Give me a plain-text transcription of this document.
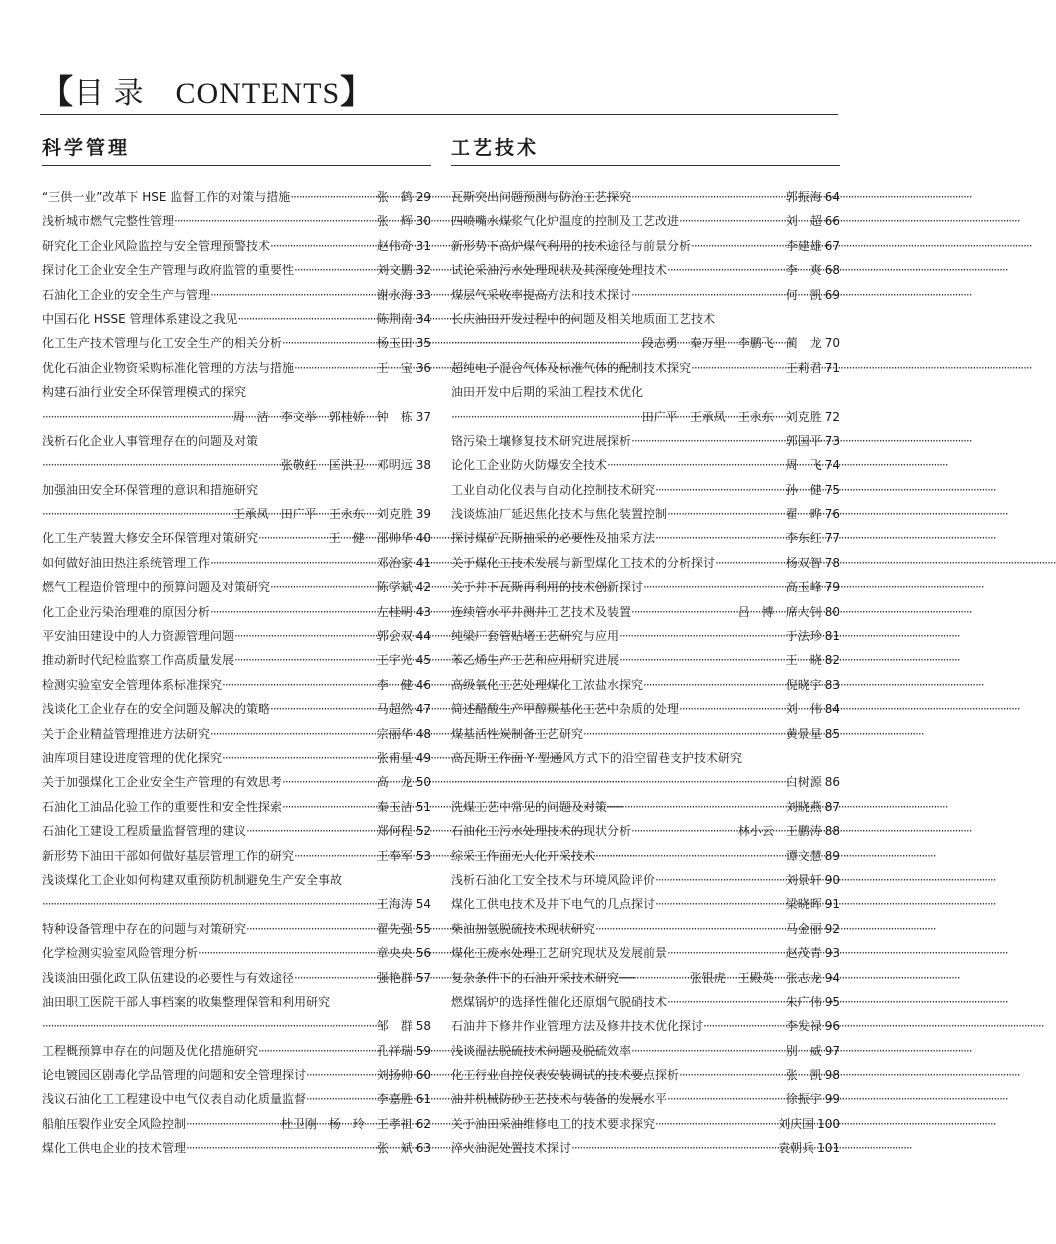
【目 录　 CONTENTS】
科学管理
“三供一业”改革下 HSE 监督工作的对策与措施 ·····	张　鹤 29
浅析城市燃气完整性管理 ·····	张　辉 30
研究化工企业风险监控与安全管理预警技术 ·····	赵伟奇 31
探讨化工企业安全生产管理与政府监管的重要性 ·····	刘文鹏 32
石油化工企业的安全生产与管理 ·····	谢永海 33
中国石化 HSSE 管理体系建设之我见 ·····	陈荆南 34
化工生产技术管理与化工安全生产的相关分析 ·····	杨玉田 35
优化石油企业物资采购标准化管理的方法与措施 ·····	王　宝 36
构建石油行业安全环保管理模式的探究
·····
周　洁　李文举　郭桂娇　钟　栋 37
浅析石化企业人事管理存在的问题及对策
·····
张敬红　匡洪卫　邓明远 38
加强油田安全环保管理的意识和措施研究
·····
王承凤　田广平　王永东　刘克胜 39
化工生产装置大修安全环保管理对策研究 ·····	王　健　邵帅华 40
如何做好油田热注系统管理工作 ·····	邓治家 41
燃气工程造价管理中的预算问题及对策研究 ·····	陈学斌 42
化工企业污染治理难的原因分析 ·····	左桂明 43
平安油田建设中的人力资源管理问题 ·····	郭会双 44
推动新时代纪检监察工作高质量发展 ·····	王宇光 45
检测实验室安全管理体系标准探究 ·····	李　健 46
浅谈化工企业存在的安全问题及解决的策略 ·····	马超然 47
关于企业精益管理推进方法研究 ·····	宗丽华 48
油库项目建设进度管理的优化探究 ·····	张甫星 49
关于加强煤化工企业安全生产管理的有效思考 ·····	高　龙 50
石油化工油品化验工作的重要性和安全性探索 ·····	秦玉洁 51
石油化工建设工程质量监督管理的建议 ·····	郑何程 52
新形势下油田干部如何做好基层管理工作的研究 ·····	王奉军 53
浅谈煤化工企业如何构建双重预防机制避免生产安全事故
·····
王海涛 54
特种设备管理中存在的问题与对策研究 ·····	翟先强 55
化学检测实验室风险管理分析 ·····	章央央 56
浅谈油田强化政工队伍建设的必要性与有效途径 ·····	强艳群 57
油田职工医院干部人事档案的收集整理保管和利用研究
·····
邹　群 58
工程概预算申存在的问题及优化措施研究 ·····	孔祥瑞 59
论电镀园区剧毒化学品管理的问题和安全管理探讨 ·····	刘扬帅 60
浅议石油化工工程建设中电气仪表自动化质量监督 ·····	李嘉胜 61
船舶压裂作业安全风险控制 ·····	杜卫刚　杨　玲　王孝祖 62
煤化工供电企业的技术管理 ·····	张　斌 63
工艺技术
瓦斯突出问题预测与防治工艺探究 ·····	郭振海 64
四喷嘴水煤浆气化炉温度的控制及工艺改进 ·····	刘　超 66
新形势下高炉煤气利用的技术途径与前景分析 ·····	李建雄 67
试论采油污水处理现状及其深度处理技术 ·····	李　爽 68
煤层气采收率提高方法和技术探讨 ·····	何　凯 69
长庆油田开发过程中的问题及相关地质面工艺技术
·····
段志勇　秦万里　李鹏飞　蔺　龙 70
超纯电子混合气体及标准气体的配制技术探究 ·····	王莉君 71
油田开发中后期的采油工程技术优化
·····
田广平　王承凤　王永东　刘克胜 72
铬污染土壤修复技术研究进展探析 ·····	郭国平 73
论化工企业防火防爆安全技术 ·····	周　飞 74
工业自动化仪表与自动化控制技术研究 ·····	孙　健 75
浅谈炼油厂延迟焦化技术与焦化装置控制 ·····	翟　晔 76
探讨煤矿瓦斯抽采的必要性及抽采方法 ·····	李东红 77
关于煤化工技术发展与新型煤化工技术的分析探讨 ·····	杨双智 78
关于井下瓦斯再利用的技术创新探讨 ·····	高玉峰 79
连续管水平井测井工艺技术及装置 ·····	吕　博　席大钊 80
纯梁厂套管贴堵工艺研究与应用 ·····	于法珍 81
苯乙烯生产工艺和应用研究进展 ·····	王　晓 82
高级氧化工艺处理煤化工浓盐水探究 ·····	倪晓宇 83
简述醋酸生产甲醇羰基化工艺中杂质的处理 ·····	刘　伟 84
煤基活性炭制备工艺研究 ·····	黄景星 85
高瓦斯工作面 Y 型通风方式下的沿空留巷支护技术研究
·····
白树源 86
洗煤工艺中常见的问题及对策 ·····	刘晓燕 87
石油化工污水处理技术的现状分析 ·····	林小云　王鹏涛 88
综采工作面无人化开采技术 ·····	谭文慧 89
浅析石油化工安全技术与环境风险评价 ·····	刘景轩 90
煤化工供电技术及井下电气的几点探讨 ·····	梁晓晖 91
柴油加氢脱硫技术现状研究 ·····	马金丽 92
煤化工废水处理工艺研究现状及发展前景 ·····	赵茂青 93
复杂条件下的石油开采技术研究 ·····	张银虎　王殿英　张志龙 94
燃煤锅炉的选择性催化还原烟气脱硝技术 ·····	朱广伟 95
石油井下修井作业管理方法及修井技术优化探讨 ·····	李发禄 96
浅谈湿法脱硫技术问题及脱硫效率 ·····	别　威 97
化工行业自控仪表安装调试的技术要点探析 ·····	张　凯 98
油井机械防砂工艺技术与装备的发展水平 ·····	徐振宇 99
关于油田采油维修电工的技术要求探究 ·····	刘庆国 100
淬火油泥处置技术探讨 ·····	袁朝兵 101
